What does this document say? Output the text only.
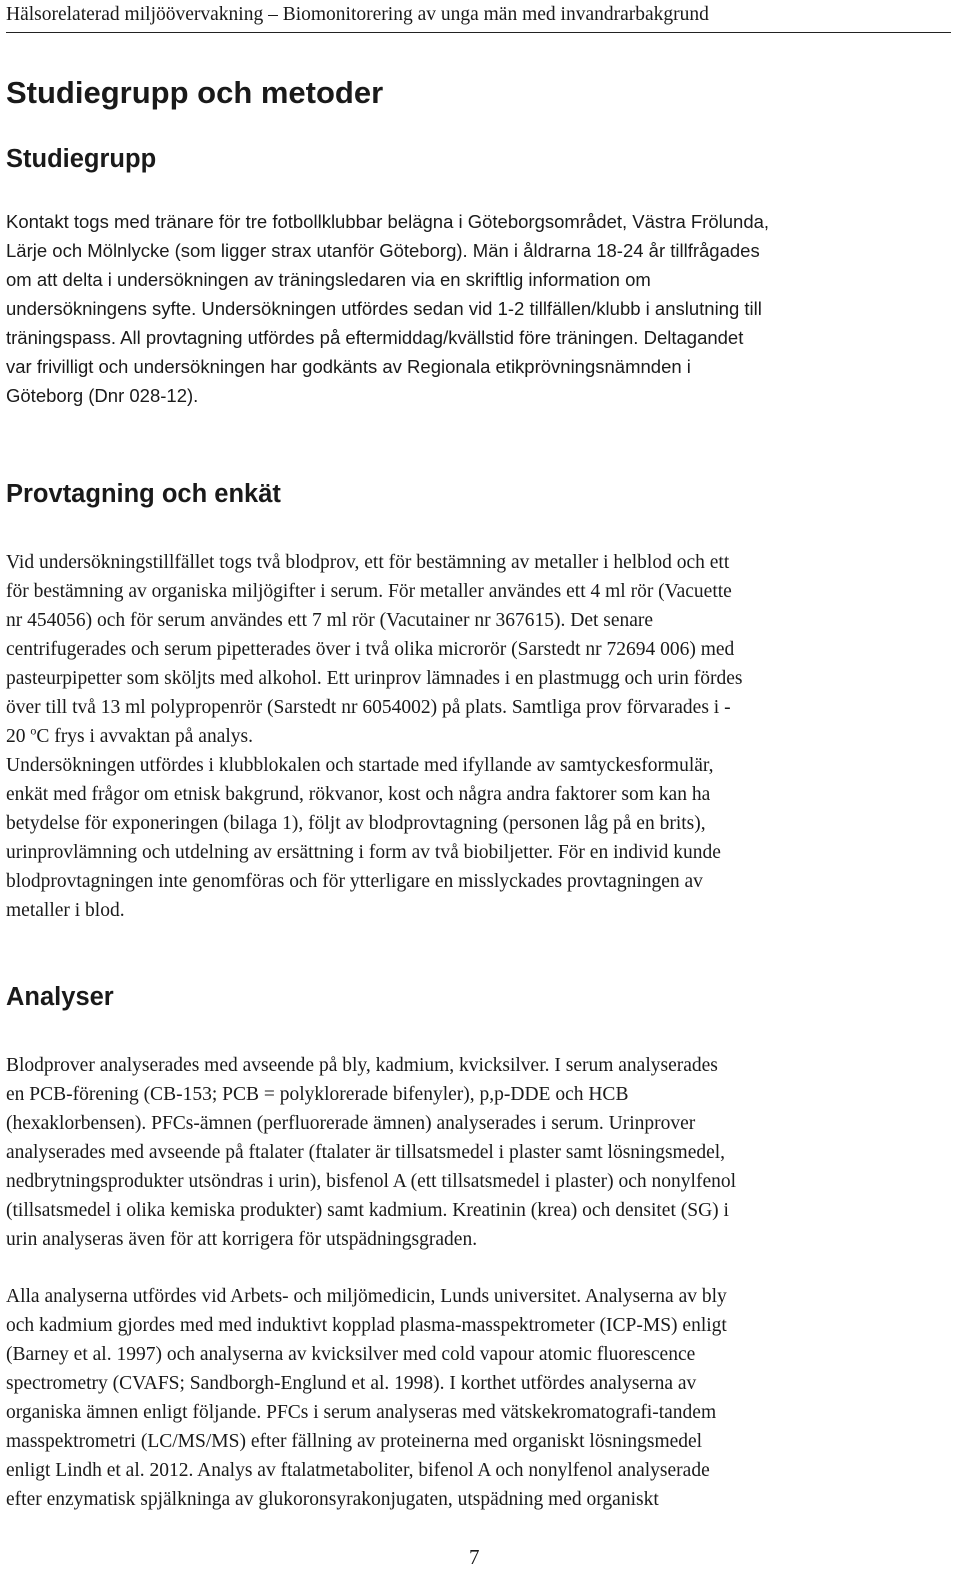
Hälsorelaterad miljöövervakning – Biomonitorering av unga män med invandrarbakgrund
Studiegrupp och metoder
Studiegrupp
Kontakt togs med tränare för tre fotbollklubbar belägna i Göteborgsområdet, Västra Frölunda,
Lärje och Mölnlycke (som ligger strax utanför Göteborg). Män i åldrarna 18-24 år tillfrågades
om att delta i undersökningen av träningsledaren via en skriftlig information om
undersökningens syfte. Undersökningen utfördes sedan vid 1-2 tillfällen/klubb i anslutning till
träningspass. All provtagning utfördes på eftermiddag/kvällstid före träningen. Deltagandet
var frivilligt och undersökningen har godkänts av Regionala etikprövningsnämnden i
Göteborg (Dnr 028-12).
Provtagning och enkät
Vid undersökningstillfället togs två blodprov, ett för bestämning av metaller i helblod och ett
för bestämning av organiska miljögifter i serum. För metaller användes ett 4 ml rör (Vacuette
nr 454056) och för serum användes ett 7 ml rör (Vacutainer nr 367615). Det senare
centrifugerades och serum pipetterades över i två olika microrör (Sarstedt nr 72694 006) med
pasteurpipetter som sköljts med alkohol. Ett urinprov lämnades i en plastmugg och urin fördes
över till två 13 ml polypropenrör (Sarstedt nr 6054002) på plats. Samtliga prov förvarades i -
20 $^o$C frys i avvaktan på analys.
Undersökningen utfördes i klubblokalen och startade med ifyllande av samtyckesformulär,
enkät med frågor om etnisk bakgrund, rökvanor, kost och några andra faktorer som kan ha
betydelse för exponeringen (bilaga 1), följt av blodprovtagning (personen låg på en brits),
urinprovlämning och utdelning av ersättning i form av två biobiljetter. För en individ kunde
blodprovtagningen inte genomföras och för ytterligare en misslyckades provtagningen av
metaller i blod.
Analyser
Blodprover analyserades med avseende på bly, kadmium, kvicksilver. I serum analyserades
en PCB-förening (CB-153; PCB = polyklorerade bifenyler), p,p-DDE och HCB
(hexaklorbensen). PFCs-ämnen (perfluorerade ämnen) analyserades i serum. Urinprover
analyserades med avseende på ftalater (ftalater är tillsatsmedel i plaster samt lösningsmedel,
nedbrytningsprodukter utsöndras i urin), bisfenol A (ett tillsatsmedel i plaster) och nonylfenol
(tillsatsmedel i olika kemiska produkter) samt kadmium. Kreatinin (krea) och densitet (SG) i
urin analyseras även för att korrigera för utspädningsgraden.
Alla analyserna utfördes vid Arbets- och miljömedicin, Lunds universitet. Analyserna av bly
och kadmium gjordes med med induktivt kopplad plasma-masspektrometer (ICP-MS) enligt
(Barney et al. 1997) och analyserna av kvicksilver med cold vapour atomic fluorescence
spectrometry (CVAFS; Sandborgh-Englund et al. 1998). I korthet utfördes analyserna av
organiska ämnen enligt följande. PFCs i serum analyseras med vätskekromatografi-tandem
masspektrometri (LC/MS/MS) efter fällning av proteinerna med organiskt lösningsmedel
enligt Lindh et al. 2012. Analys av ftalatmetaboliter, bifenol A och nonylfenol analyserade
efter enzymatisk spjälkninga av glukoronsyrakonjugaten, utspädning med organiskt
7
